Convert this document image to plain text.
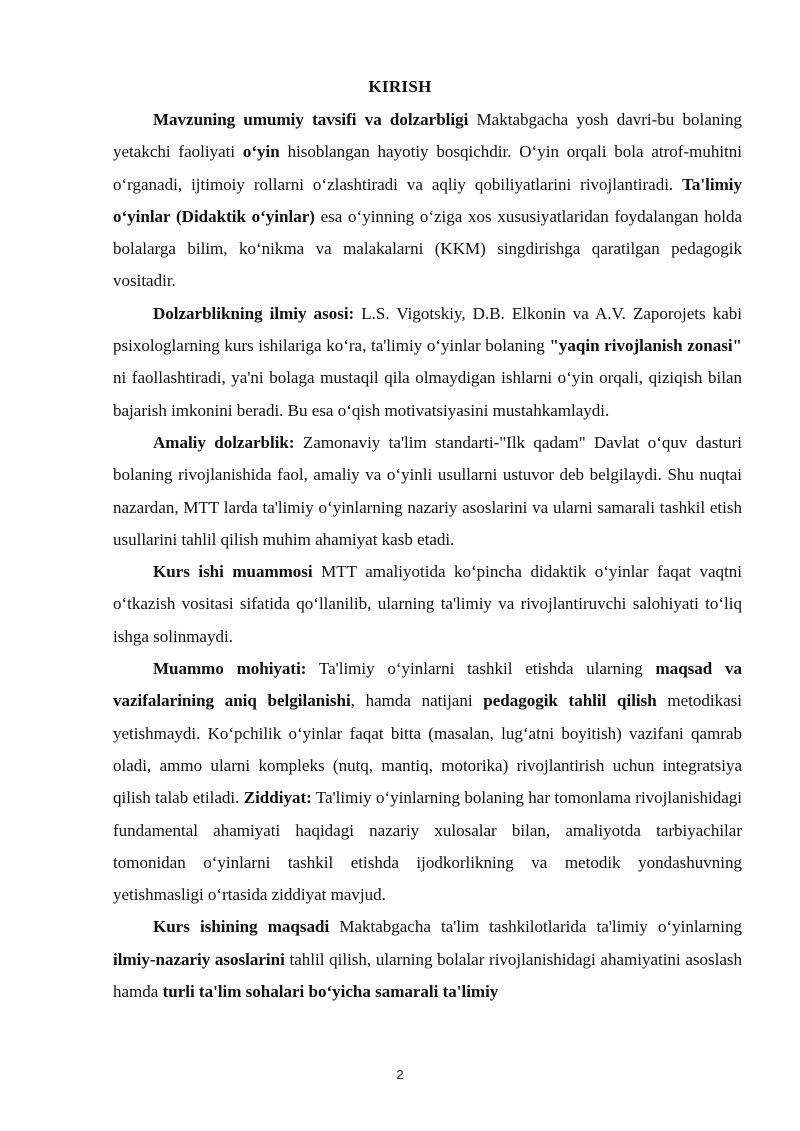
KIRISH

Mavzuning umumiy tavsifi va dolzarbligi Maktabgacha yosh davri-bu bolaning yetakchi faoliyati o‘yin hisoblangan hayotiy bosqichdir. O‘yin orqali bola atrof-muhitni o‘rganadi, ijtimoiy rollarni o‘zlashtiradi va aqliy qobiliyatlarini rivojlantiradi. Ta'limiy o‘yinlar (Didaktik o‘yinlar) esa o‘yinning o‘ziga xos xususiyatlaridan foydalangan holda bolalarga bilim, ko‘nikma va malakalarni (KKM) singdirishga qaratilgan pedagogik vositadir.

Dolzarblikning ilmiy asosi: L.S. Vigotskiy, D.B. Elkonin va A.V. Zaporojets kabi psixologlarning kurs ishilariga ko‘ra, ta'limiy o‘yinlar bolaning "yaqin rivojlanish zonasi" ni faollashtiradi, ya'ni bolaga mustaqil qila olmaydigan ishlarni o‘yin orqali, qiziqish bilan bajarish imkonini beradi. Bu esa o‘qish motivatsiyasini mustahkamlaydi.

Amaliy dolzarblik: Zamonaviy ta'lim standarti-"Ilk qadam" Davlat o‘quv dasturi bolaning rivojlanishida faol, amaliy va o‘yinli usullarni ustuvor deb belgilaydi. Shu nuqtai nazardan, MTT larda ta'limiy o‘yinlarning nazariy asoslarini va ularni samarali tashkil etish usullarini tahlil qilish muhim ahamiyat kasb etadi.

Kurs ishi muammosi MTT amaliyotida ko‘pincha didaktik o‘yinlar faqat vaqtni o‘tkazish vositasi sifatida qo‘llanilib, ularning ta'limiy va rivojlantiruvchi salohiyati to‘liq ishga solinmaydi.

Muammo mohiyati: Ta'limiy o‘yinlarni tashkil etishda ularning maqsad va vazifalarining aniq belgilanishi, hamda natijani pedagogik tahlil qilish metodikasi yetishmaydi. Ko‘pchilik o‘yinlar faqat bitta (masalan, lug‘atni boyitish) vazifani qamrab oladi, ammo ularni kompleks (nutq, mantiq, motorika) rivojlantirish uchun integratsiya qilish talab etiladi. Ziddiyat: Ta'limiy o‘yinlarning bolaning har tomonlama rivojlanishidagi fundamental ahamiyati haqidagi nazariy xulosalar bilan, amaliyotda tarbiyachilar tomonidan o‘yinlarni tashkil etishda ijodkorlikning va metodik yondashuvning yetishmasligi o‘rtasida ziddiyat mavjud.

Kurs ishining maqsadi Maktabgacha ta'lim tashkilotlarida ta'limiy o‘yinlarning ilmiy-nazariy asoslarini tahlil qilish, ularning bolalar rivojlanishidagi ahamiyatini asoslash hamda turli ta'lim sohalari bo‘yicha samarali ta'limiy

2
